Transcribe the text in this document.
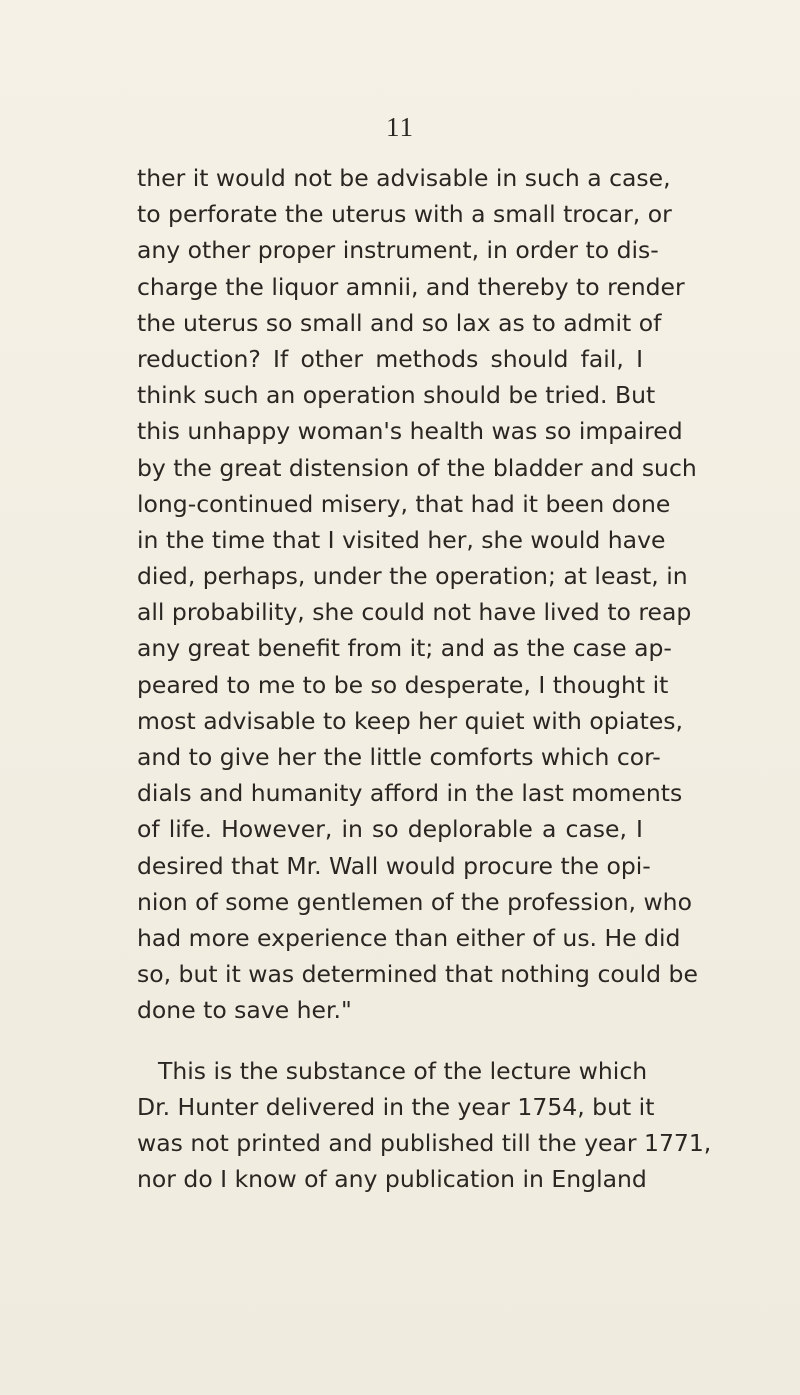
11
ther it would not be advisable in such a case,
to perforate the uterus with a small trocar, or
any other proper instrument, in order to dis-
charge the liquor amnii, and thereby to render
the uterus so small and so lax as to admit of
reduction? If other methods should fail, I
think such an operation should be tried. But
this unhappy woman's health was so impaired
by the great distension of the bladder and such
long-continued misery, that had it been done
in the time that I visited her, she would have
died, perhaps, under the operation; at least, in
all probability, she could not have lived to reap
any great benefit from it; and as the case ap-
peared to me to be so desperate, I thought it
most advisable to keep her quiet with opiates,
and to give her the little comforts which cor-
dials and humanity afford in the last moments
of life. However, in so deplorable a case, I
desired that Mr. Wall would procure the opi-
nion of some gentlemen of the profession, who
had more experience than either of us. He did
so, but it was determined that nothing could be
done to save her."
This is the substance of the lecture which
Dr. Hunter delivered in the year 1754, but it
was not printed and published till the year 1771,
nor do I know of any publication in England
